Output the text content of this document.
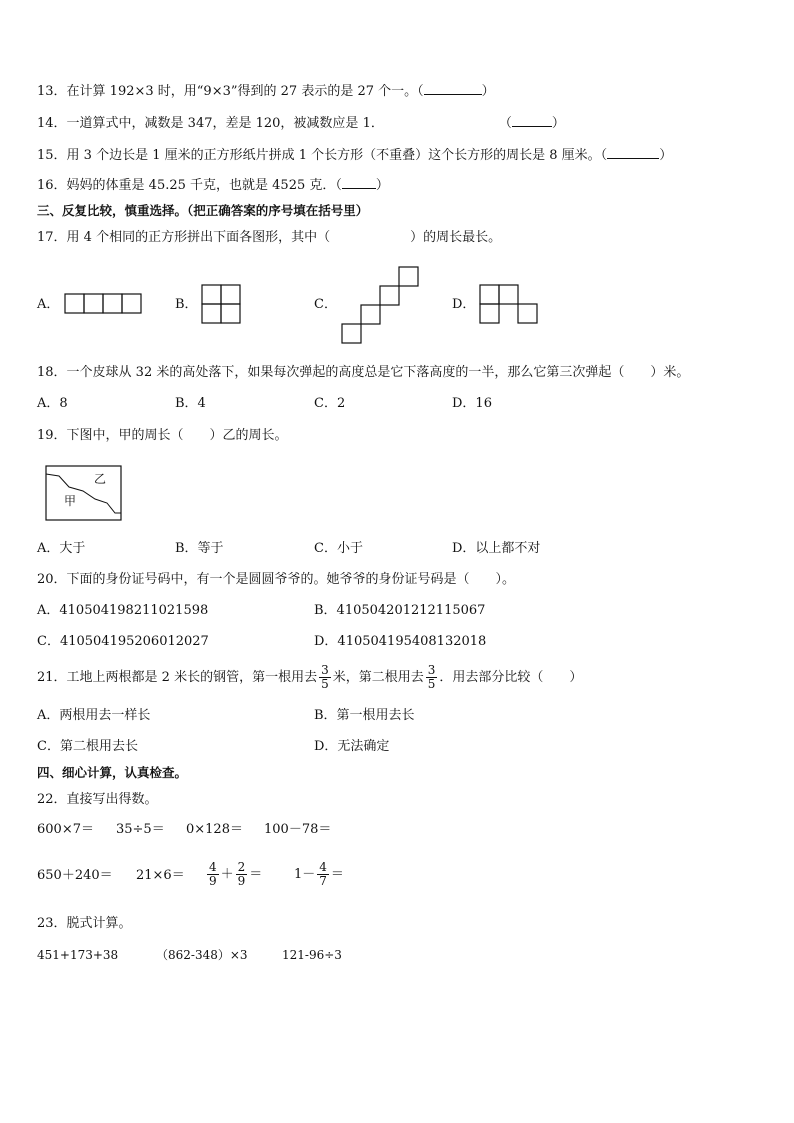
13．在计算 192×3 时，用“9×3”得到的 27 表示的是 27 个一。（	）
14．一道算式中，减数是 347，差是 120，被减数应是 1．	（	）
15．用 3 个边长是 1 厘米的正方形纸片拼成 1 个长方形（不重叠）这个长方形的周长是 8 厘米。（	）
16．妈妈的体重是 45.25 千克，也就是 4525 克．（	）
三、反复比较，慎重选择。（把正确答案的序号填在括号里）
17．用 4 个相同的正方形拼出下面各图形，其中（	）的周长最长。
A．	B．	C．	D．
18．一个皮球从 32 米的高处落下，如果每次弹起的高度总是它下落高度的一半，那么它第三次弹起（　　）米。
A．8	B．4	C．2	D．16
19．下图中，甲的周长（　　）乙的周长。
乙
甲
A．大于	B．等于	C．小于	D．以上都不对
20．下面的身份证号码中，有一个是圆圆爷爷的。她爷爷的身份证号码是（　　）。
A．410504198211021598	B．410504201212115067
C．410504195206012027	D．410504195408132018
21．工地上两根都是 2 米长的钢管，第一根用去 $\frac{3}{5}$ 米，第二根用去 $\frac{3}{5}$ ．用去部分比较（　　）
A．两根用去一样长	B．第一根用去长
C．第二根用去长	D．无法确定
四、细心计算，认真检查。
22．直接写出得数。
600×7＝ 35÷5＝ 0×128＝ 100－78＝
$650+240= 21\times 6= \frac{4}{9} + \frac{2}{9} = 1- \frac{4}{7}$ ＝
23．脱式计算。
451+173+38	（862-348）×3	121-96÷3
